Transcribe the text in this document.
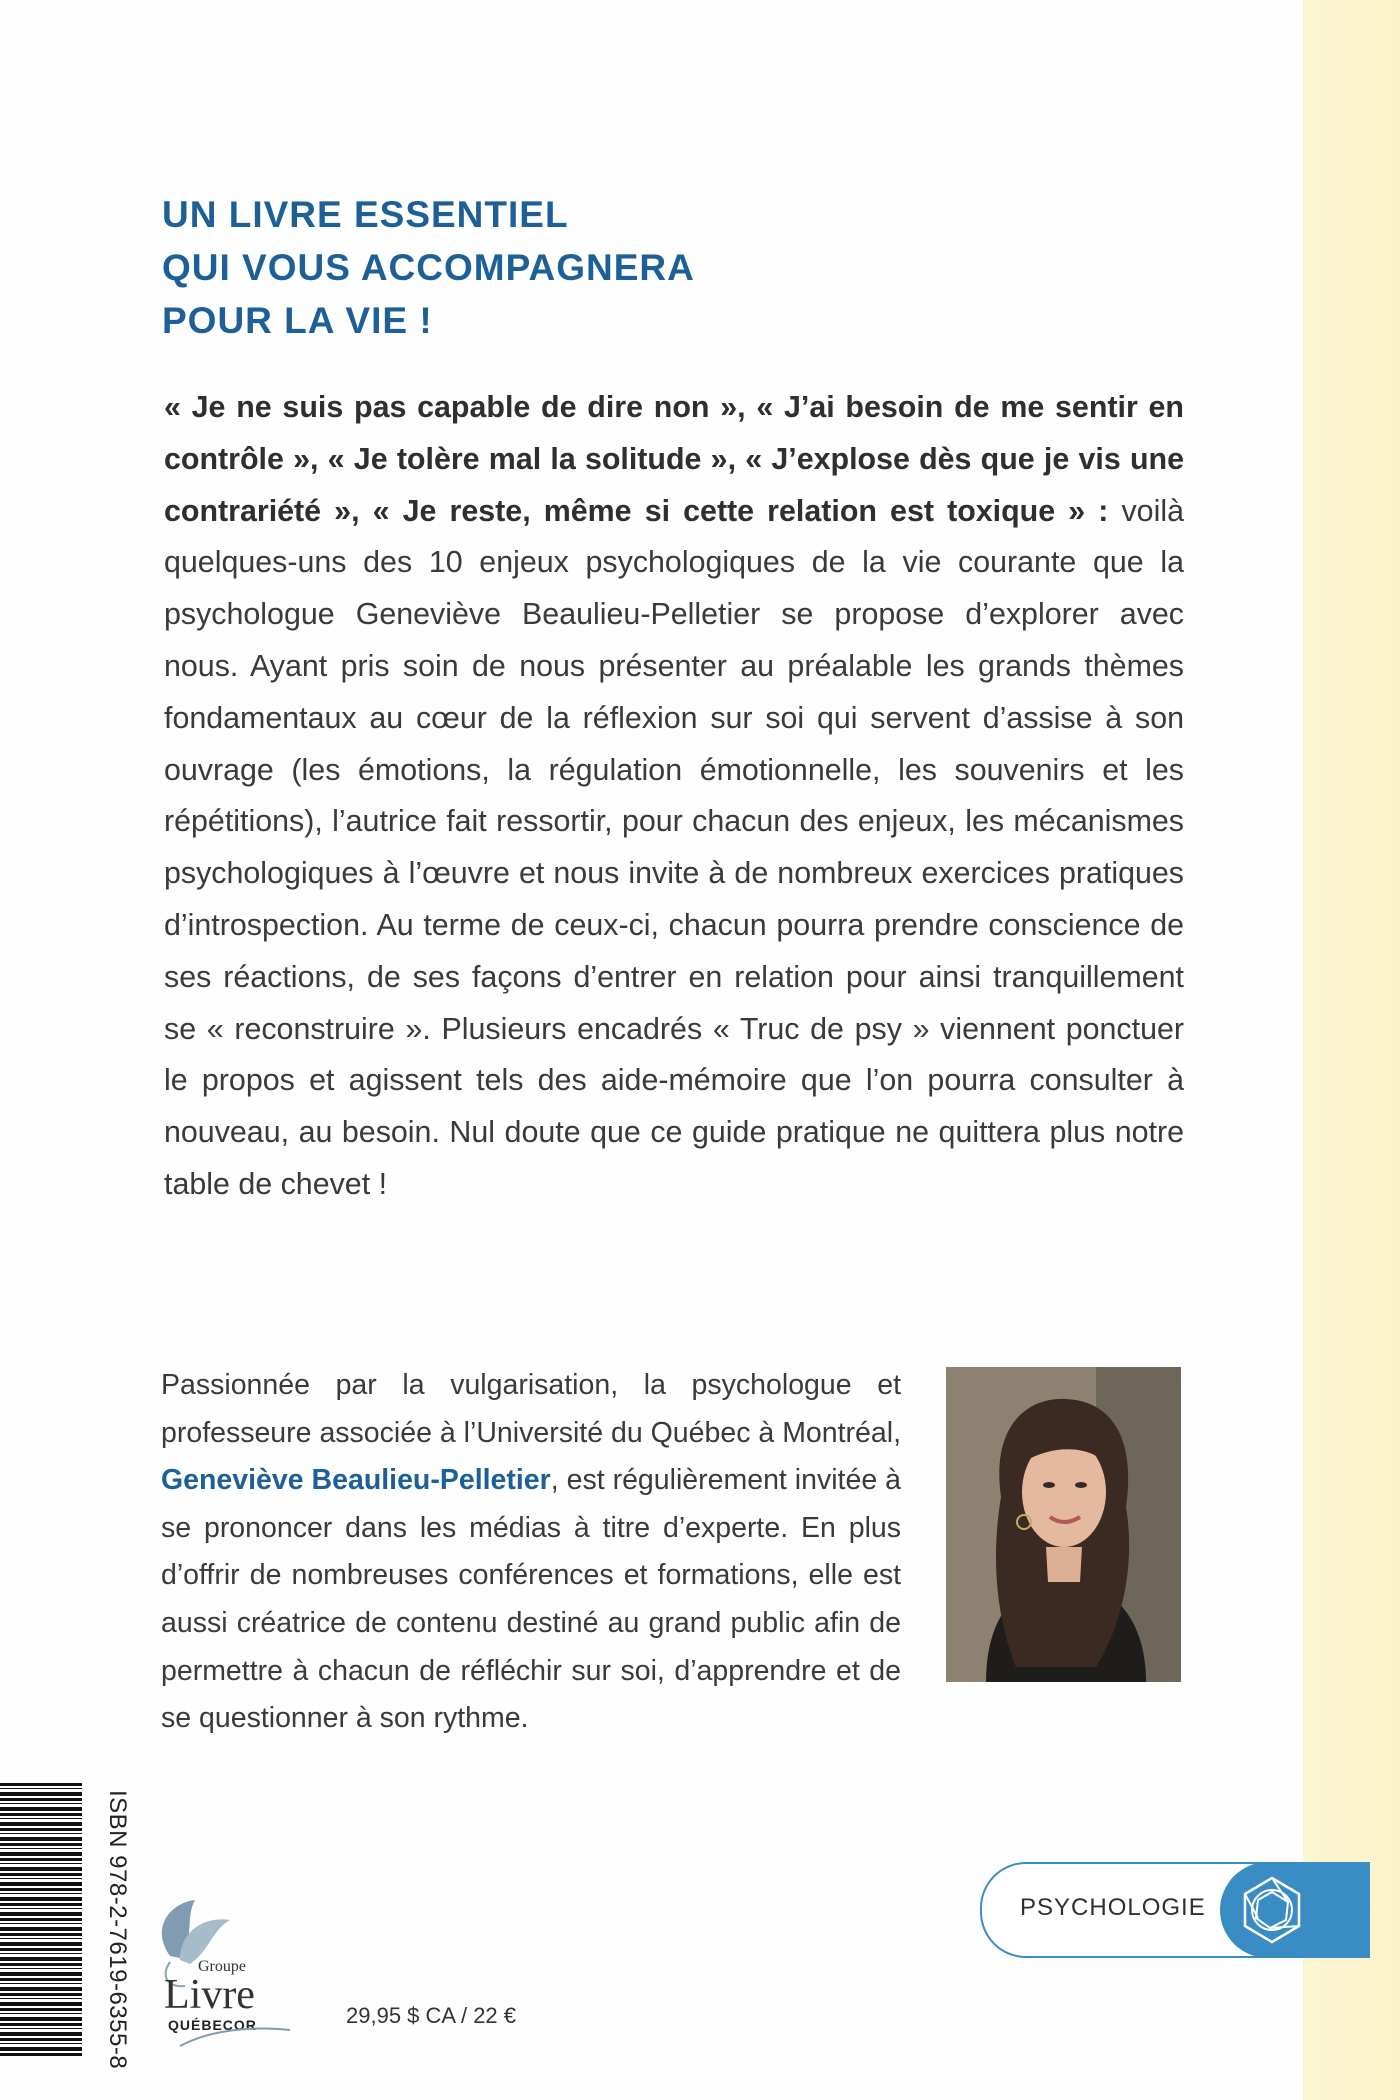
UN LIVRE ESSENTIEL
QUI VOUS ACCOMPAGNERA
POUR LA VIE !

« Je ne suis pas capable de dire non », « J’ai besoin de me sentir en contrôle », « Je tolère mal la solitude », « J’explose dès que je vis une contrariété », « Je reste, même si cette relation est toxique » : voilà quelques-uns des 10 enjeux psychologiques de la vie courante que la psychologue Geneviève Beaulieu-Pelletier se propose d’explorer avec nous. Ayant pris soin de nous présenter au préalable les grands thèmes fondamentaux au cœur de la réflexion sur soi qui servent d’assise à son ouvrage (les émotions, la régulation émotionnelle, les souvenirs et les répétitions), l’autrice fait ressortir, pour chacun des enjeux, les mécanismes psychologiques à l’œuvre et nous invite à de nombreux exercices pratiques d’introspection. Au terme de ceux-ci, chacun pourra prendre conscience de ses réactions, de ses façons d’entrer en relation pour ainsi tranquillement se « reconstruire ». Plusieurs encadrés « Truc de psy » viennent ponctuer le propos et agissent tels des aide-mémoire que l’on pourra consulter à nouveau, au besoin. Nul doute que ce guide pratique ne quittera plus notre table de chevet !

Passionnée par la vulgarisation, la psychologue et professeure associée à l’Université du Québec à Montréal, Geneviève Beaulieu-Pelletier, est régulièrement invitée à se prononcer dans les médias à titre d’experte. En plus d’offrir de nombreuses conférences et formations, elle est aussi créatrice de contenu destiné au grand public afin de permettre à chacun de réfléchir sur soi, d’apprendre et de se questionner à son rythme.

ISBN 978-2-7619-6355-8	Groupe
Livre
QUÉBECOR	29,95 $ CA / 22 €
PSYCHOLOGIE
